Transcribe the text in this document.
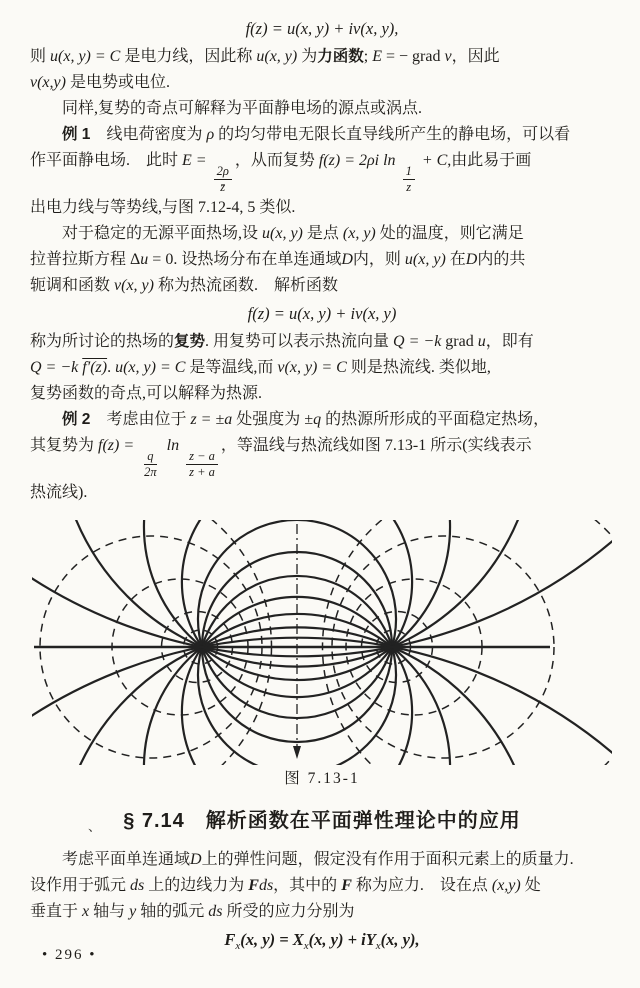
f(z) = u(x, y) + iv(x, y),
则 u(x, y) = C 是电力线，因此称 u(x, y) 为力函数; E = − grad v，因此
v(x,y) 是电势或电位.
同样,复势的奇点可解释为平面静电场的源点或涡点.
例 1　线电荷密度为 ρ 的均匀带电无限长直导线所产生的静电场，可以看
作平面静电场.　此时 E =
$\frac{2\rho}{z̄}$
，从而复势 f(z) = 2ρi ln
$\frac{1}{z}$
+ C,由此易于画
出电力线与等势线,与图 7.12-4, 5 类似.
对于稳定的无源平面热场,设 u(x, y) 是点 (x, y) 处的温度，则它满足
拉普拉斯方程 Δu = 0. 设热场分布在单连通域D内，则 u(x, y) 在D内的共
轭调和函数 v(x, y) 称为热流函数.　解析函数
f(z) = u(x, y) + iv(x, y)
称为所讨论的热场的复势. 用复势可以表示热流向量 Q = −k grad u，即有
Q = −k f′(z). u(x, y) = C 是等温线,而 v(x, y) = C 则是热流线. 类似地,
复势函数的奇点,可以解释为热源.
例 2　考虑由位于 z = ±a 处强度为 ±q 的热源所形成的平面稳定热场，
其复势为 f(z) =
$\frac{q}{2\pi}$
ln
$\frac{z - a}{z + a}$
，等温线与热流线如图 7.13-1 所示(实线表示
热流线).
图 7.13-1
、 § 7.14　解析函数在平面弹性理论中的应用
考虑平面单连通域D上的弹性问题，假定没有作用于面积元素上的质量力.
设作用于弧元 ds 上的边线力为 Fds，其中的 F 称为应力.　设在点 (x,y) 处
垂直于 x 轴与 y 轴的弧元 ds 所受的应力分别为
$F_x(x$, $y) = X_x(x$, $y) + iY_x(x$, y),
• 296 •
